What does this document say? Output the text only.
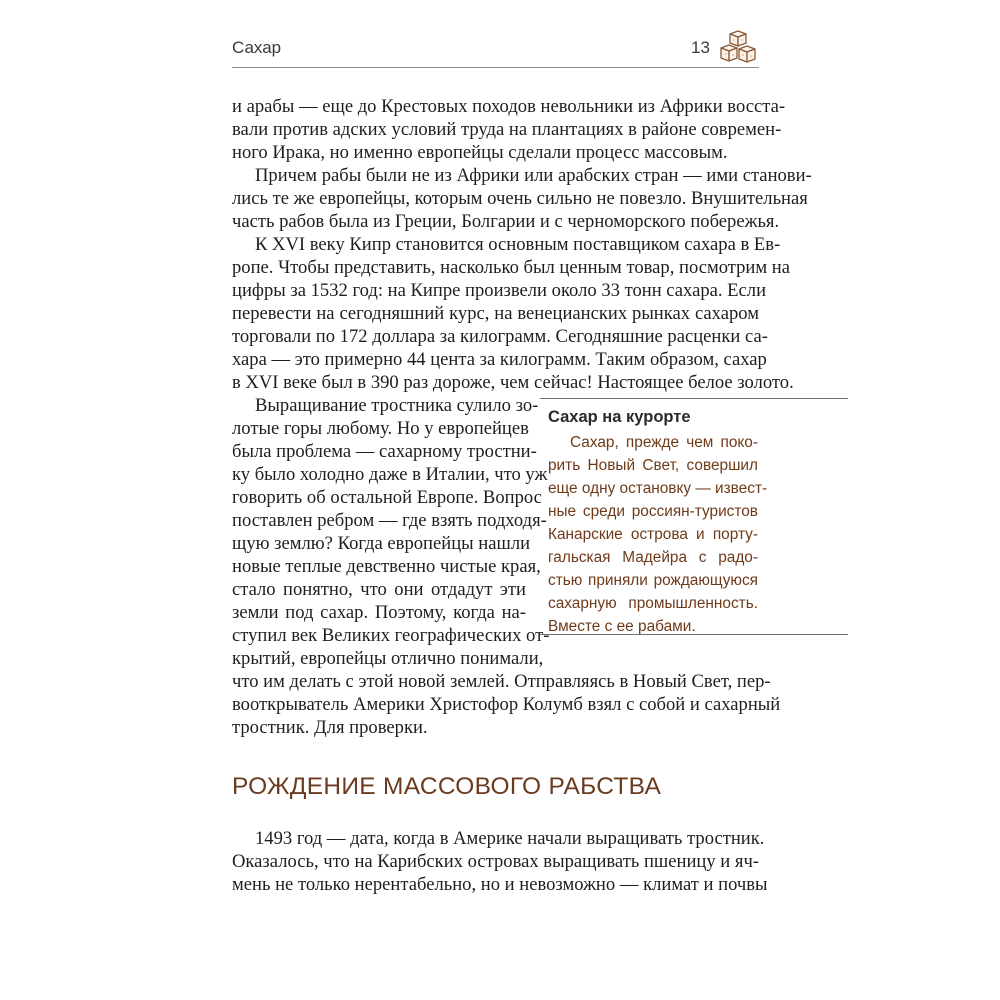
Сахар	13
и арабы — еще до Крестовых походов невольники из Африки восста-
вали против адских условий труда на плантациях в районе современ-
ного Ирака, но именно европейцы сделали процесс массовым.
Причем рабы были не из Африки или арабских стран — ими станови-
лись те же европейцы, которым очень сильно не повезло. Внушительная
часть рабов была из Греции, Болгарии и с черноморского побережья.
К XVI веку Кипр становится основным поставщиком сахара в Ев-
ропе. Чтобы представить, насколько был ценным товар, посмотрим на
цифры за 1532 год: на Кипре произвели около 33 тонн сахара. Если
перевести на сегодняшний курс, на венецианских рынках сахаром
торговали по 172 доллара за килограмм. Сегодняшние расценки са-
хара — это примерно 44 цента за килограмм. Таким образом, сахар
в XVI веке был в 390 раз дороже, чем сейчас! Настоящее белое золото.
Выращивание тростника сулило зо-
лотые горы любому. Но у европейцев
была проблема — сахарному тростни-
ку было холодно даже в Италии, что уж
говорить об остальной Европе. Вопрос
поставлен ребром — где взять подходя-
щую землю? Когда европейцы нашли
новые теплые девственно чистые края,
стало понятно, что они отдадут эти
земли под сахар. Поэтому, когда на-
ступил век Великих географических от-
крытий, европейцы отлично понимали,
что им делать с этой новой землей. Отправляясь в Новый Свет, пер-
вооткрыватель Америки Христофор Колумб взял с собой и сахарный
тростник. Для проверки.
Сахар на курорте
Сахар, прежде чем поко-
рить Новый Свет, совершил
еще одну остановку — извест-
ные среди россиян-туристов
Канарские острова и порту-
гальская Мадейра с радо-
стью приняли рождающуюся
сахарную промышленность.
Вместе с ее рабами.
РОЖДЕНИЕ МАССОВОГО РАБСТВА
1493 год — дата, когда в Америке начали выращивать тростник.
Оказалось, что на Карибских островах выращивать пшеницу и яч-
мень не только нерентабельно, но и невозможно — климат и почвы
